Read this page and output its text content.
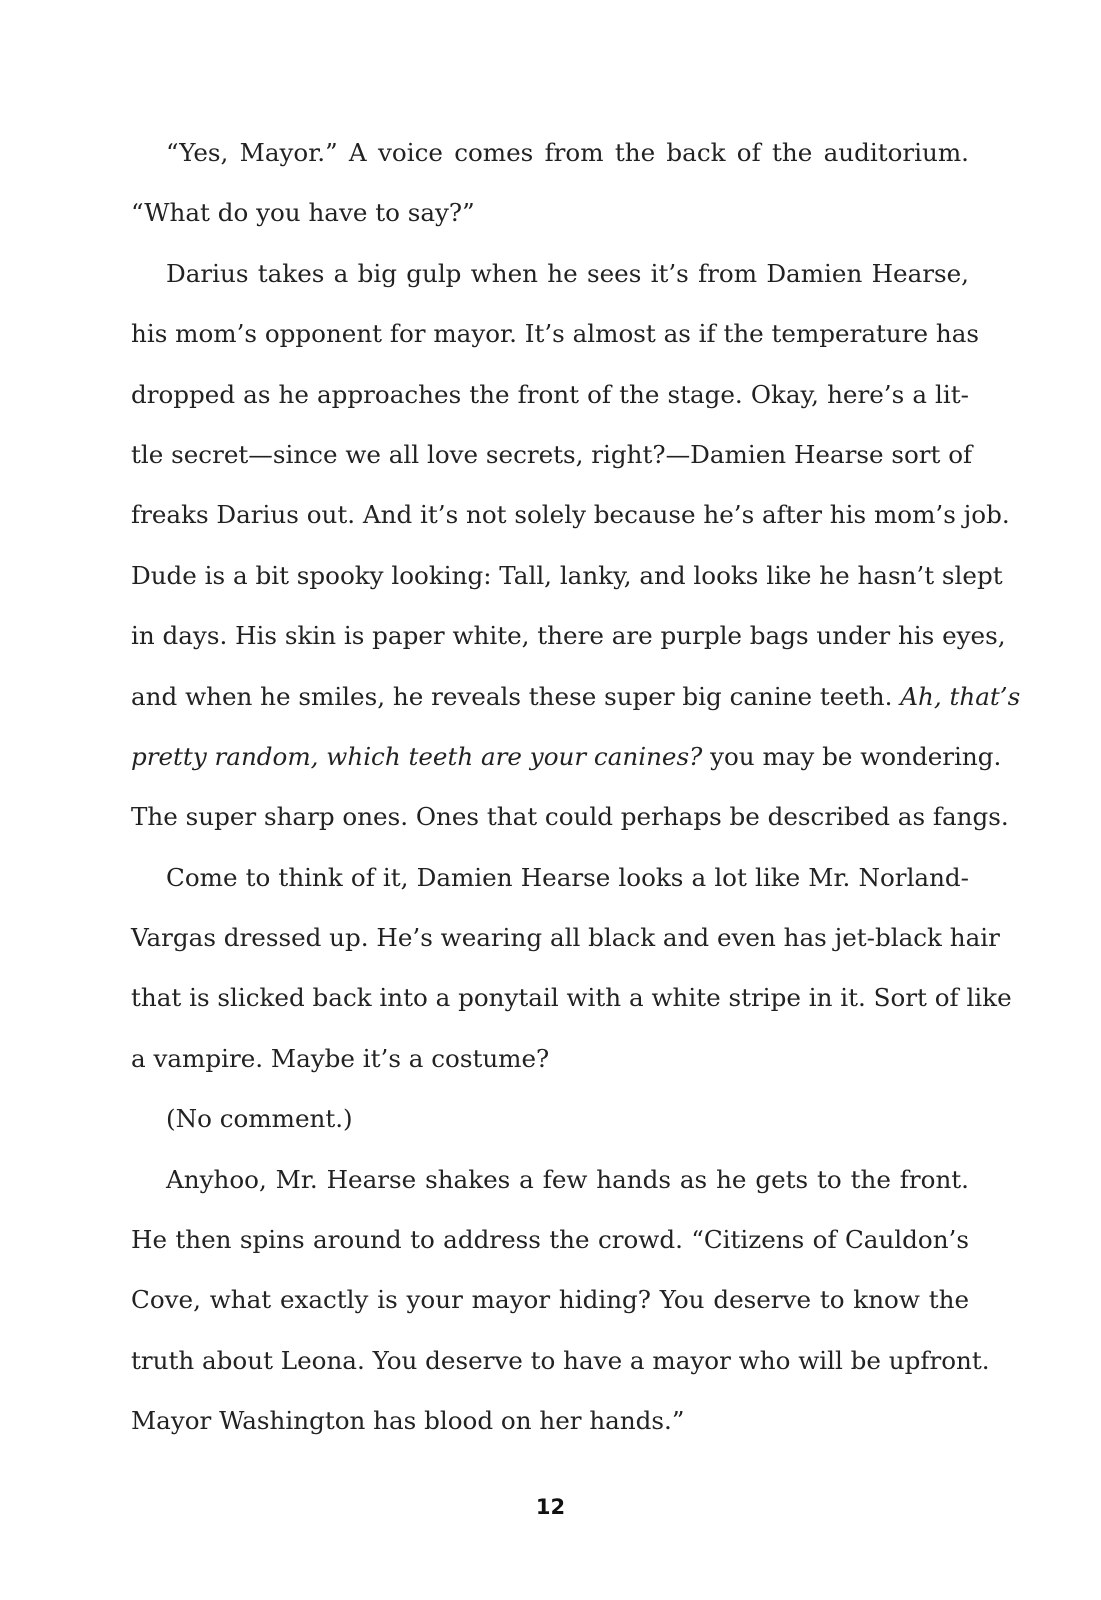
“Yes, Mayor.” A voice comes from the back of the auditorium.
“What do you have to say?”
Darius takes a big gulp when he sees it’s from Damien Hearse,
his mom’s opponent for mayor. It’s almost as if the temperature has
dropped as he approaches the front of the stage. Okay, here’s a lit-
tle secret—since we all love secrets, right?—Damien Hearse sort of
freaks Darius out. And it’s not solely because he’s after his mom’s job.
Dude is a bit spooky looking: Tall, lanky, and looks like he hasn’t slept
in days. His skin is paper white, there are purple bags under his eyes,
and when he smiles, he reveals these super big canine teeth. Ah, that’s
pretty random, which teeth are your canines? you may be wondering.
The super sharp ones. Ones that could perhaps be described as fangs.
Come to think of it, Damien Hearse looks a lot like Mr. Norland-
Vargas dressed up. He’s wearing all black and even has jet-black hair
that is slicked back into a ponytail with a white stripe in it. Sort of like
a vampire. Maybe it’s a costume?
(No comment.)
Anyhoo, Mr. Hearse shakes a few hands as he gets to the front.
He then spins around to address the crowd. “Citizens of Cauldon’s
Cove, what exactly is your mayor hiding? You deserve to know the
truth about Leona. You deserve to have a mayor who will be upfront.
Mayor Washington has blood on her hands.”
12
